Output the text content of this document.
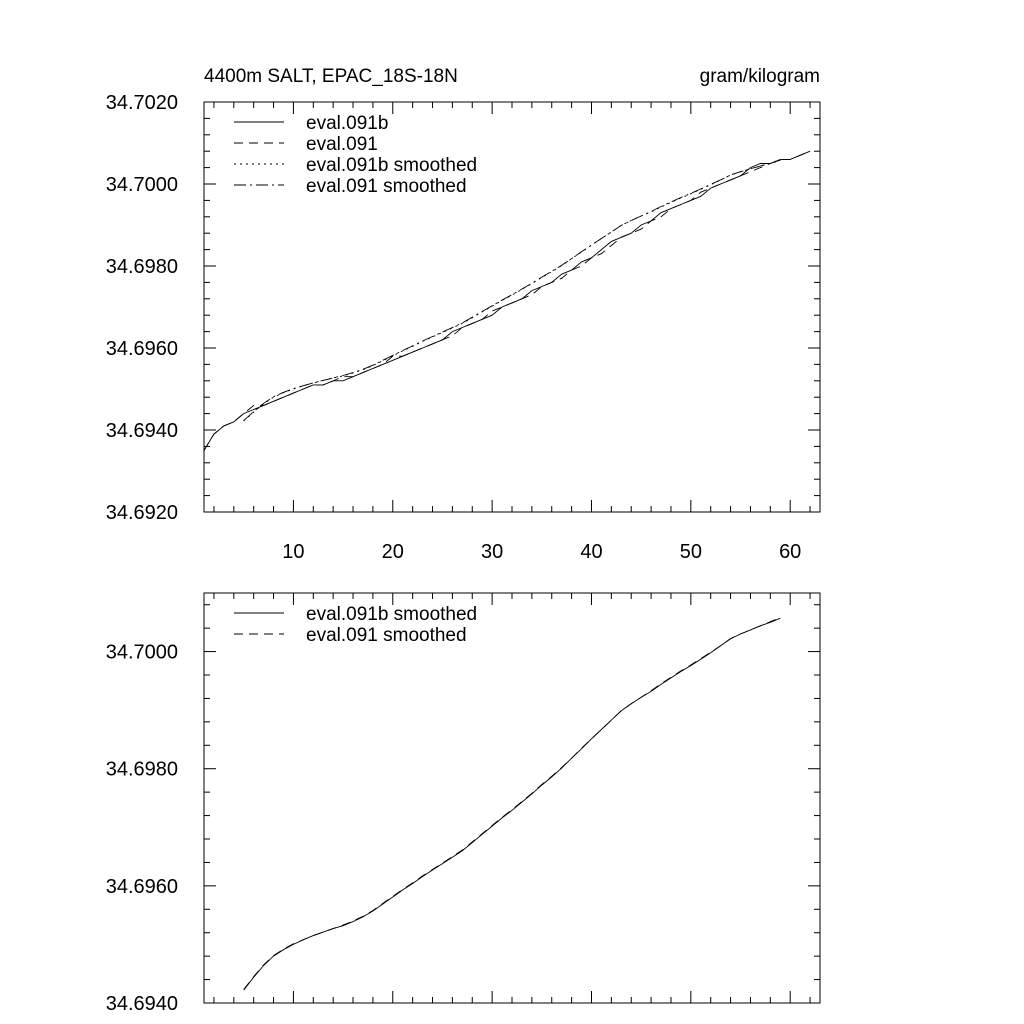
10	20	30	40	50	60
34.6920
34.6940
34.6960
34.6980
34.7000
34.7020
4400m SALT, EPAC_18S-18N	gram/kilogram
eval.091b
eval.091
eval.091b smoothed
eval.091 smoothed
34.6940
34.6960
34.6980
34.7000
eval.091b smoothed
eval.091 smoothed
